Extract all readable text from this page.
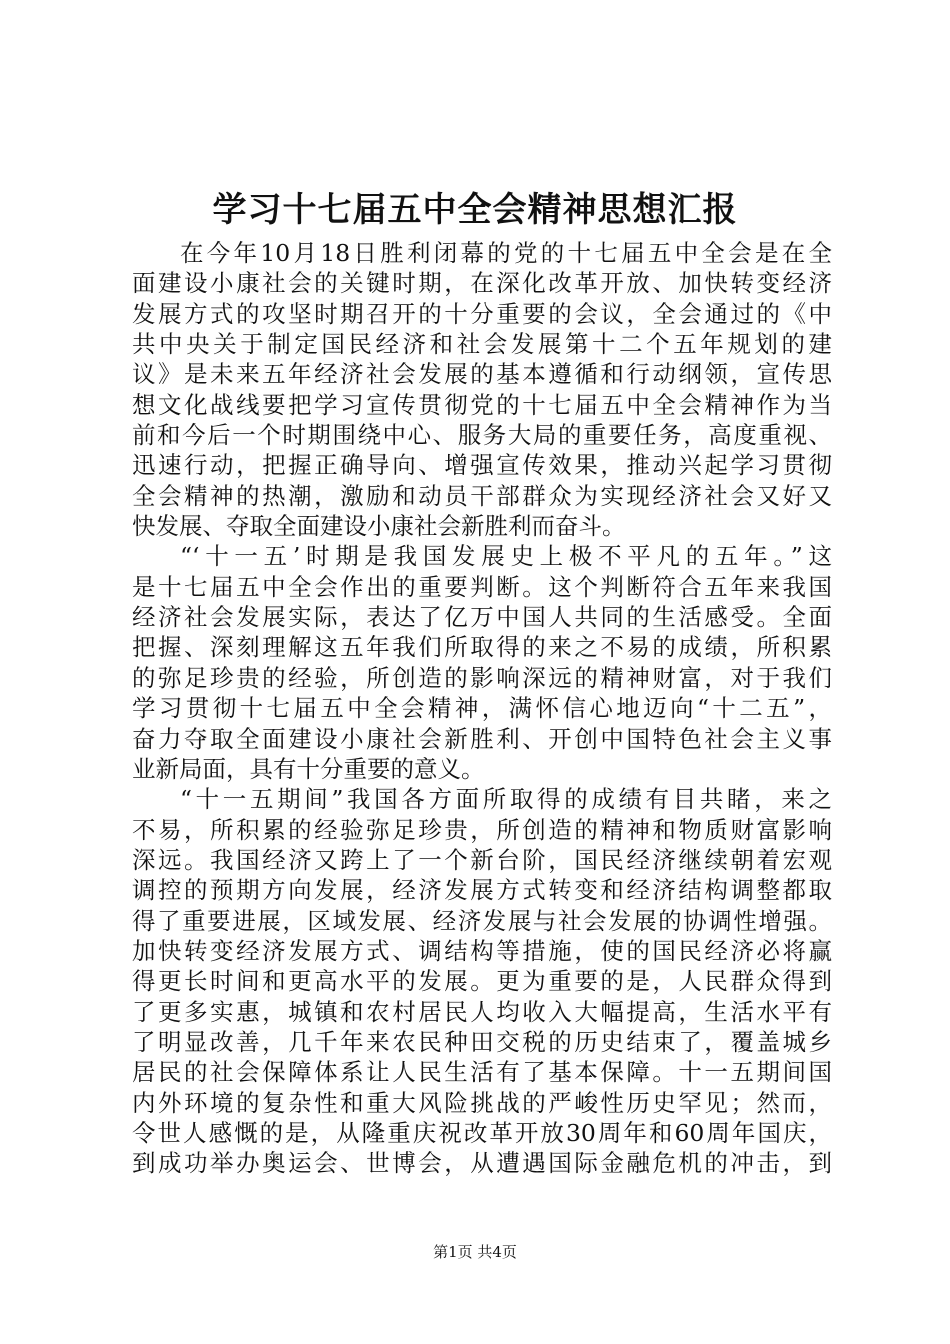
学习十七届五中全会精神思想汇报
在今年10月18日胜利闭幕的党的十七届五中全会是在全
面建设小康社会的关键时期，在深化改革开放、加快转变经济
发展方式的攻坚时期召开的十分重要的会议，全会通过的《中
共中央关于制定国民经济和社会发展第十二个五年规划的建
议》是未来五年经济社会发展的基本遵循和行动纲领，宣传思
想文化战线要把学习宣传贯彻党的十七届五中全会精神作为当
前和今后一个时期围绕中心、服务大局的重要任务，高度重视、
迅速行动，把握正确导向、增强宣传效果，推动兴起学习贯彻
全会精神的热潮，激励和动员干部群众为实现经济社会又好又
快发展、夺取全面建设小康社会新胜利而奋斗。
“‘十一五’时期是我国发展史上极不平凡的五年。”这
是十七届五中全会作出的重要判断。这个判断符合五年来我国
经济社会发展实际，表达了亿万中国人共同的生活感受。全面
把握、深刻理解这五年我们所取得的来之不易的成绩，所积累
的弥足珍贵的经验，所创造的影响深远的精神财富，对于我们
学习贯彻十七届五中全会精神，满怀信心地迈向“十二五”，
奋力夺取全面建设小康社会新胜利、开创中国特色社会主义事
业新局面，具有十分重要的意义。
“十一五期间”我国各方面所取得的成绩有目共睹，来之
不易，所积累的经验弥足珍贵，所创造的精神和物质财富影响
深远。我国经济又跨上了一个新台阶，国民经济继续朝着宏观
调控的预期方向发展，经济发展方式转变和经济结构调整都取
得了重要进展，区域发展、经济发展与社会发展的协调性增强。
加快转变经济发展方式、调结构等措施，使的国民经济必将赢
得更长时间和更高水平的发展。更为重要的是，人民群众得到
了更多实惠，城镇和农村居民人均收入大幅提高，生活水平有
了明显改善，几千年来农民种田交税的历史结束了，覆盖城乡
居民的社会保障体系让人民生活有了基本保障。十一五期间国
内外环境的复杂性和重大风险挑战的严峻性历史罕见；然而，
令世人感慨的是，从隆重庆祝改革开放30周年和60周年国庆，
到成功举办奥运会、世博会，从遭遇国际金融危机的冲击，到
第1页 共4页
